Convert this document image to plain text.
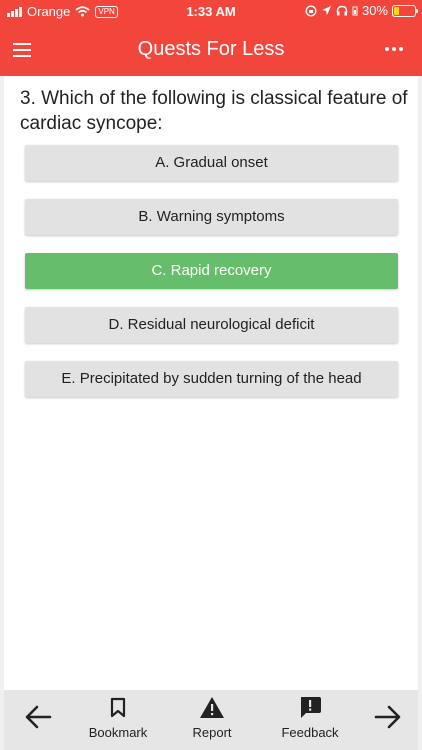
Orange	VPN	1:33 AM	30%
Quests For Less
3. Which of the following is classical feature of cardiac syncope:
A. Gradual onset
B. Warning symptoms
C. Rapid recovery
D. Residual neurological deficit
E. Precipitated by sudden turning of the head
Bookmark	Report	Feedback
